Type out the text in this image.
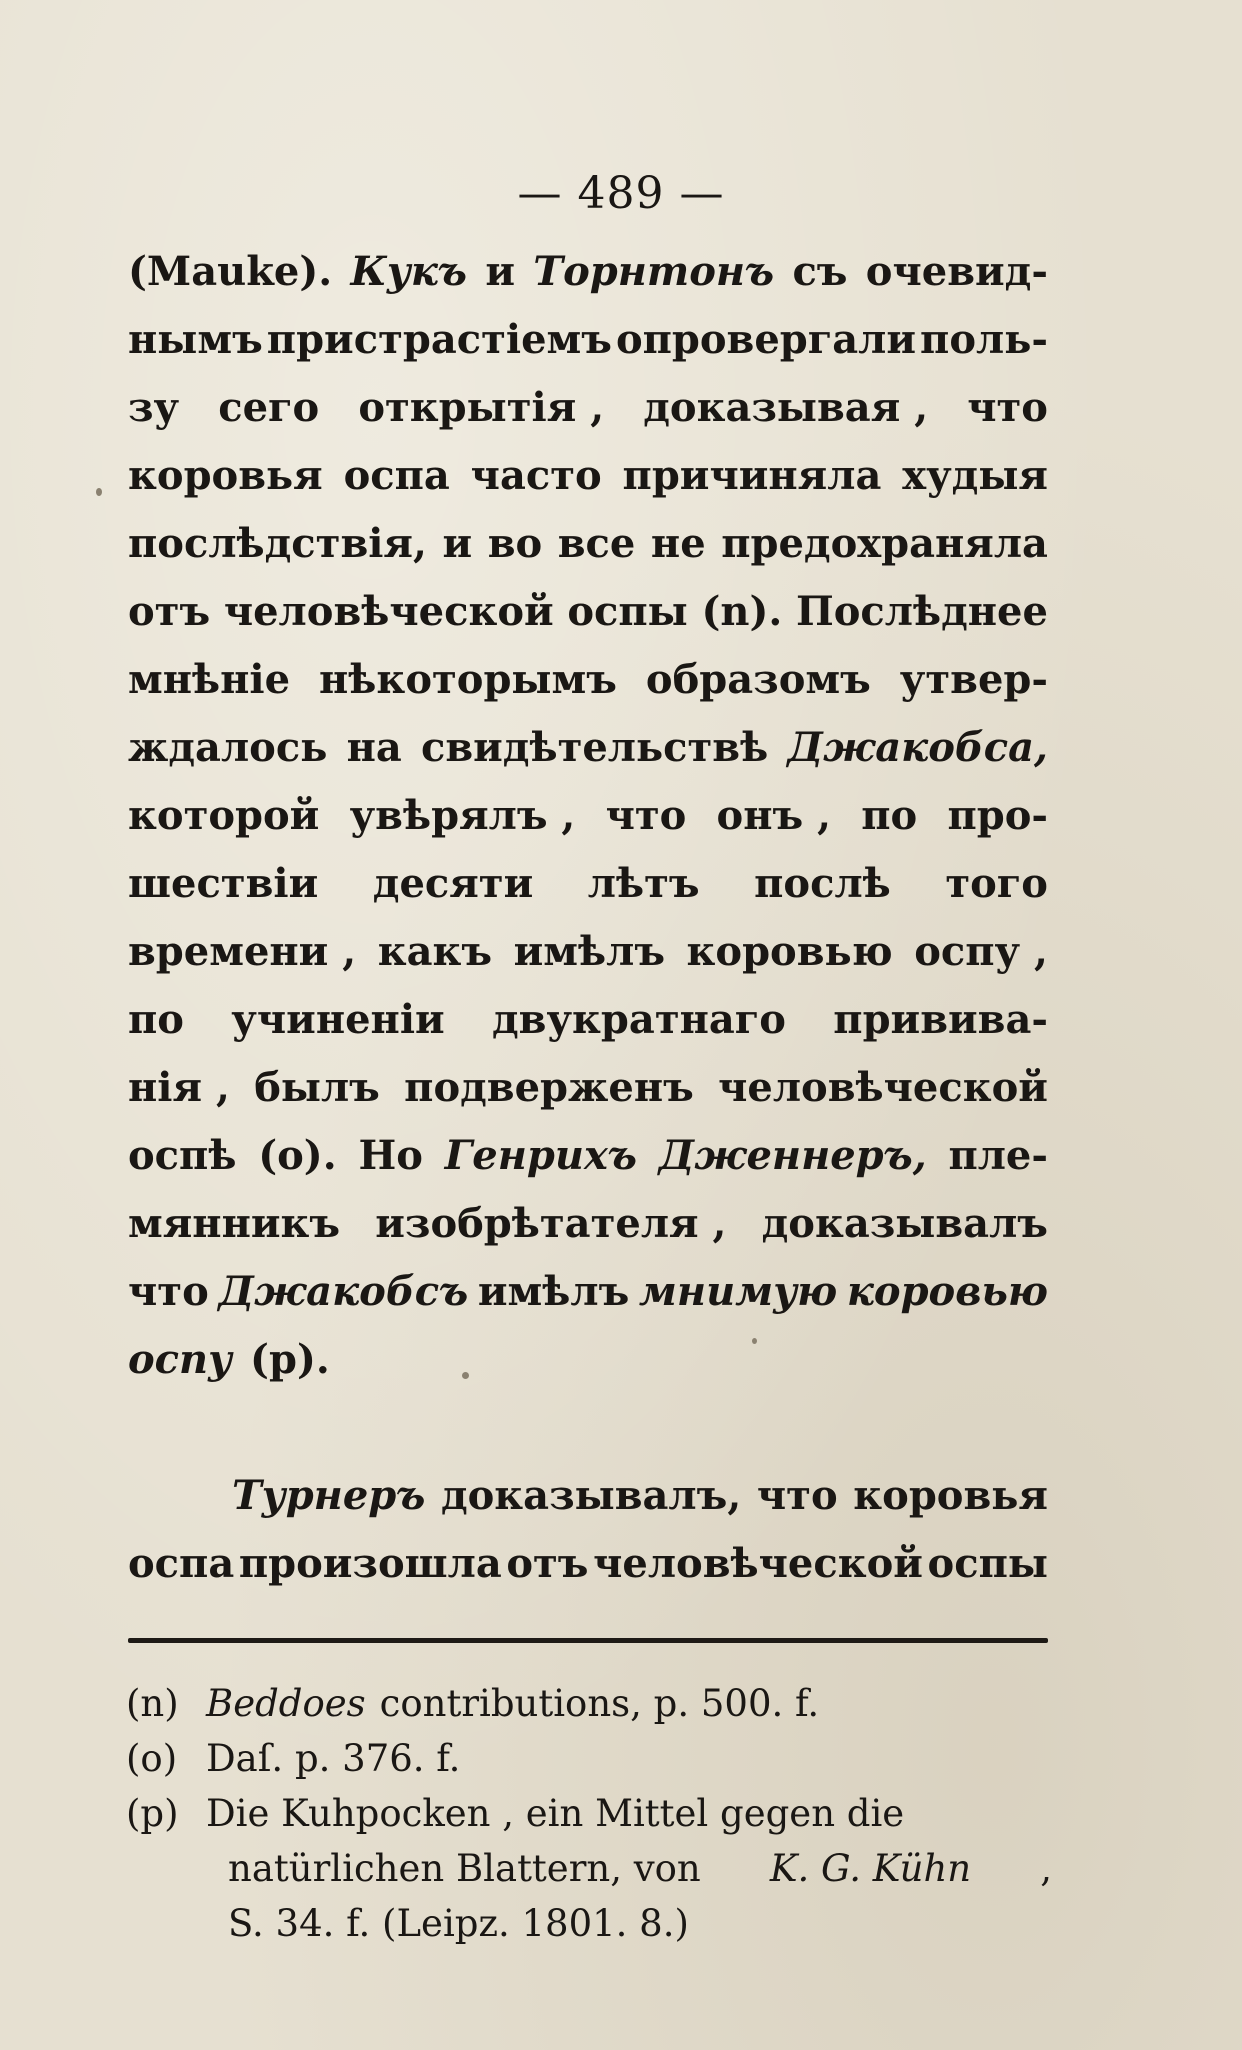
— 489 —
(Mauke). Кукъ и Торнтонъ съ очевид-
нымъ пристрастіемъ опровергали поль-
зу сего открытія , доказывая , что
коровья оспа часто причиняла худыя
послѣдствія, и во все не предохраняла
отъ человѣческой оспы (n). Послѣднее
мнѣніе нѣкоторымъ образомъ утвер-
ждалось на свидѣтельствѣ Джакобса,
которой увѣрялъ , что онъ , по про-
шествіи десяти лѣтъ послѣ того
времени , какъ имѣлъ коровью оспу ,
по учиненіи двукратнаго привива-
нія , былъ подверженъ человѣческой
оспѣ (o). Но Генрихъ Дженнеръ, пле-
мянникъ изобрѣтателя , доказывалъ
что Джакобсъ имѣлъ мнимую коровью
оспу (p).
Турнеръ доказывалъ, что коровья
оспа произошла отъ человѣческой оспы
(n) Beddoes contributions, p. 500. f.
(o) Daſ. p. 376. f.
(p) Die Kuhpocken , ein Mittel gegen die
natürlichen Blattern, von K. G. Kühn ,
S. 34. f. (Leipz. 1801. 8.)
